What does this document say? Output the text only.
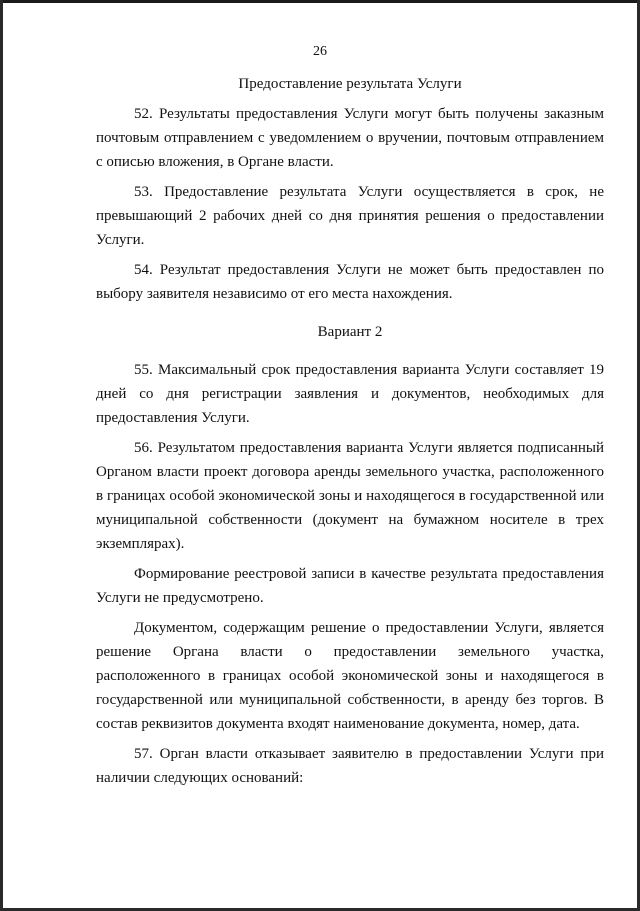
26
Предоставление результата Услуги

52. Результаты предоставления Услуги могут быть получены заказным почтовым отправлением с уведомлением о вручении, почтовым отправлением с описью вложения, в Органе власти.

53. Предоставление результата Услуги осуществляется в срок, не превышающий 2 рабочих дней со дня принятия решения о предоставлении Услуги.

54. Результат предоставления Услуги не может быть предоставлен по выбору заявителя независимо от его места нахождения.

Вариант 2

55. Максимальный срок предоставления варианта Услуги составляет 19 дней со дня регистрации заявления и документов, необходимых для предоставления Услуги.

56. Результатом предоставления варианта Услуги является подписанный Органом власти проект договора аренды земельного участка, расположенного в границах особой экономической зоны и находящегося в государственной или муниципальной собственности (документ на бумажном носителе в трех экземплярах).

Формирование реестровой записи в качестве результата предоставления Услуги не предусмотрено.

Документом, содержащим решение о предоставлении Услуги, является решение Органа власти о предоставлении земельного участка, расположенного в границах особой экономической зоны и находящегося в государственной или муниципальной собственности, в аренду без торгов. В состав реквизитов документа входят наименование документа, номер, дата.

57. Орган власти отказывает заявителю в предоставлении Услуги при наличии следующих оснований:
